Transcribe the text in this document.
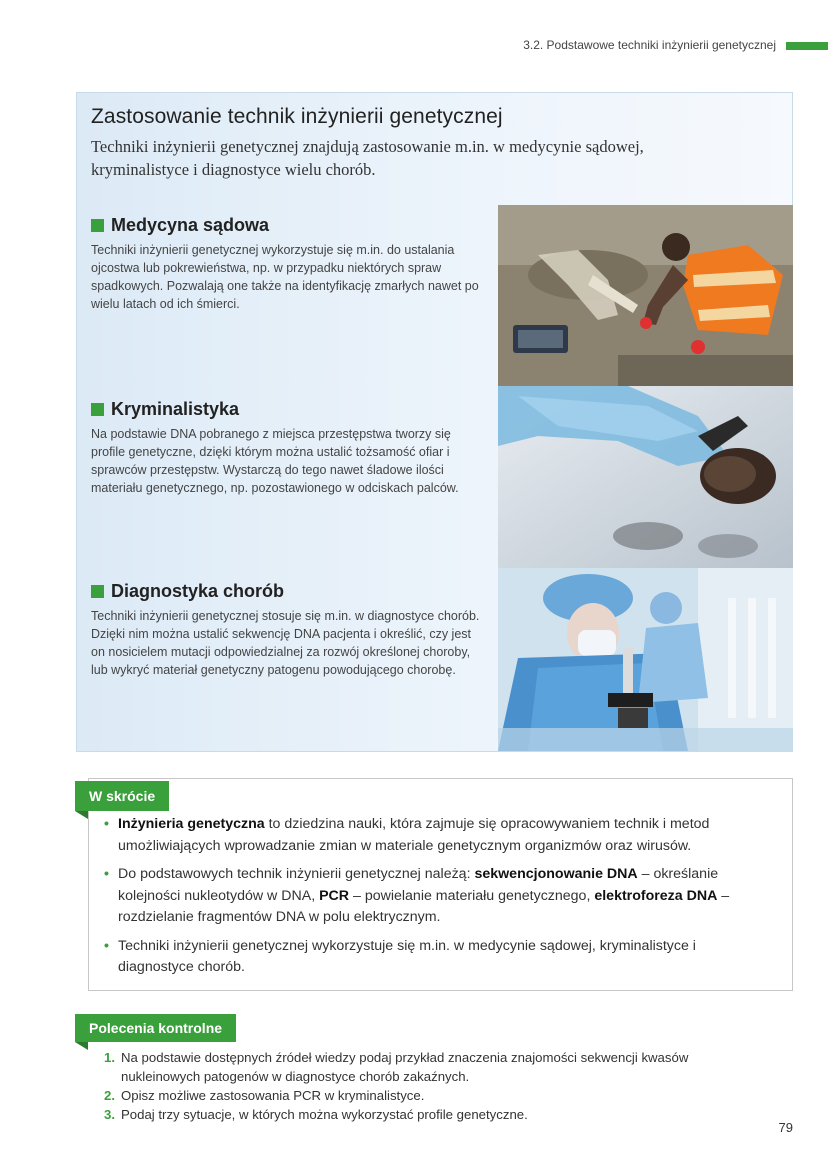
3.2. Podstawowe techniki inżynierii genetycznej
Zastosowanie technik inżynierii genetycznej
Techniki inżynierii genetycznej znajdują zastosowanie m.in. w medycynie sądowej, kryminalistyce i diagnostyce wielu chorób.
Medycyna sądowa
Techniki inżynierii genetycznej wykorzystuje się m.in. do ustalania ojcostwa lub pokrewieństwa, np. w przypadku niektórych spraw spadkowych. Pozwalają one także na identyfikację zmarłych nawet po wielu latach od ich śmierci.
Kryminalistyka
Na podstawie DNA pobranego z miejsca przestępstwa tworzy się profile genetyczne, dzięki którym można ustalić tożsamość ofiar i sprawców przestępstw. Wystarczą do tego nawet śladowe ilości materiału genetycznego, np. pozostawionego w odciskach palców.
Diagnostyka chorób
Techniki inżynierii genetycznej stosuje się m.in. w diagnostyce chorób. Dzięki nim można ustalić sekwencję DNA pacjenta i określić, czy jest on nosicielem mutacji odpowiedzialnej za rozwój określonej choroby, lub wykryć materiał genetyczny patogenu powodującego chorobę.
W skrócie
• Inżynieria genetyczna to dziedzina nauki, która zajmuje się opracowywaniem technik i metod umożliwiających wprowadzanie zmian w materiale genetycznym organizmów oraz wirusów.
• Do podstawowych technik inżynierii genetycznej należą: sekwencjonowanie DNA – określanie kolejności nukleotydów w DNA, PCR – powielanie materiału genetycznego, elektroforeza DNA – rozdzielanie fragmentów DNA w polu elektrycznym.
• Techniki inżynierii genetycznej wykorzystuje się m.in. w medycynie sądowej, kryminalistyce i diagnostyce chorób.
Polecenia kontrolne
1. Na podstawie dostępnych źródeł wiedzy podaj przykład znaczenia znajomości sekwencji kwasów nukleinowych patogenów w diagnostyce chorób zakaźnych.
2. Opisz możliwe zastosowania PCR w kryminalistyce.
3. Podaj trzy sytuacje, w których można wykorzystać profile genetyczne.
79
